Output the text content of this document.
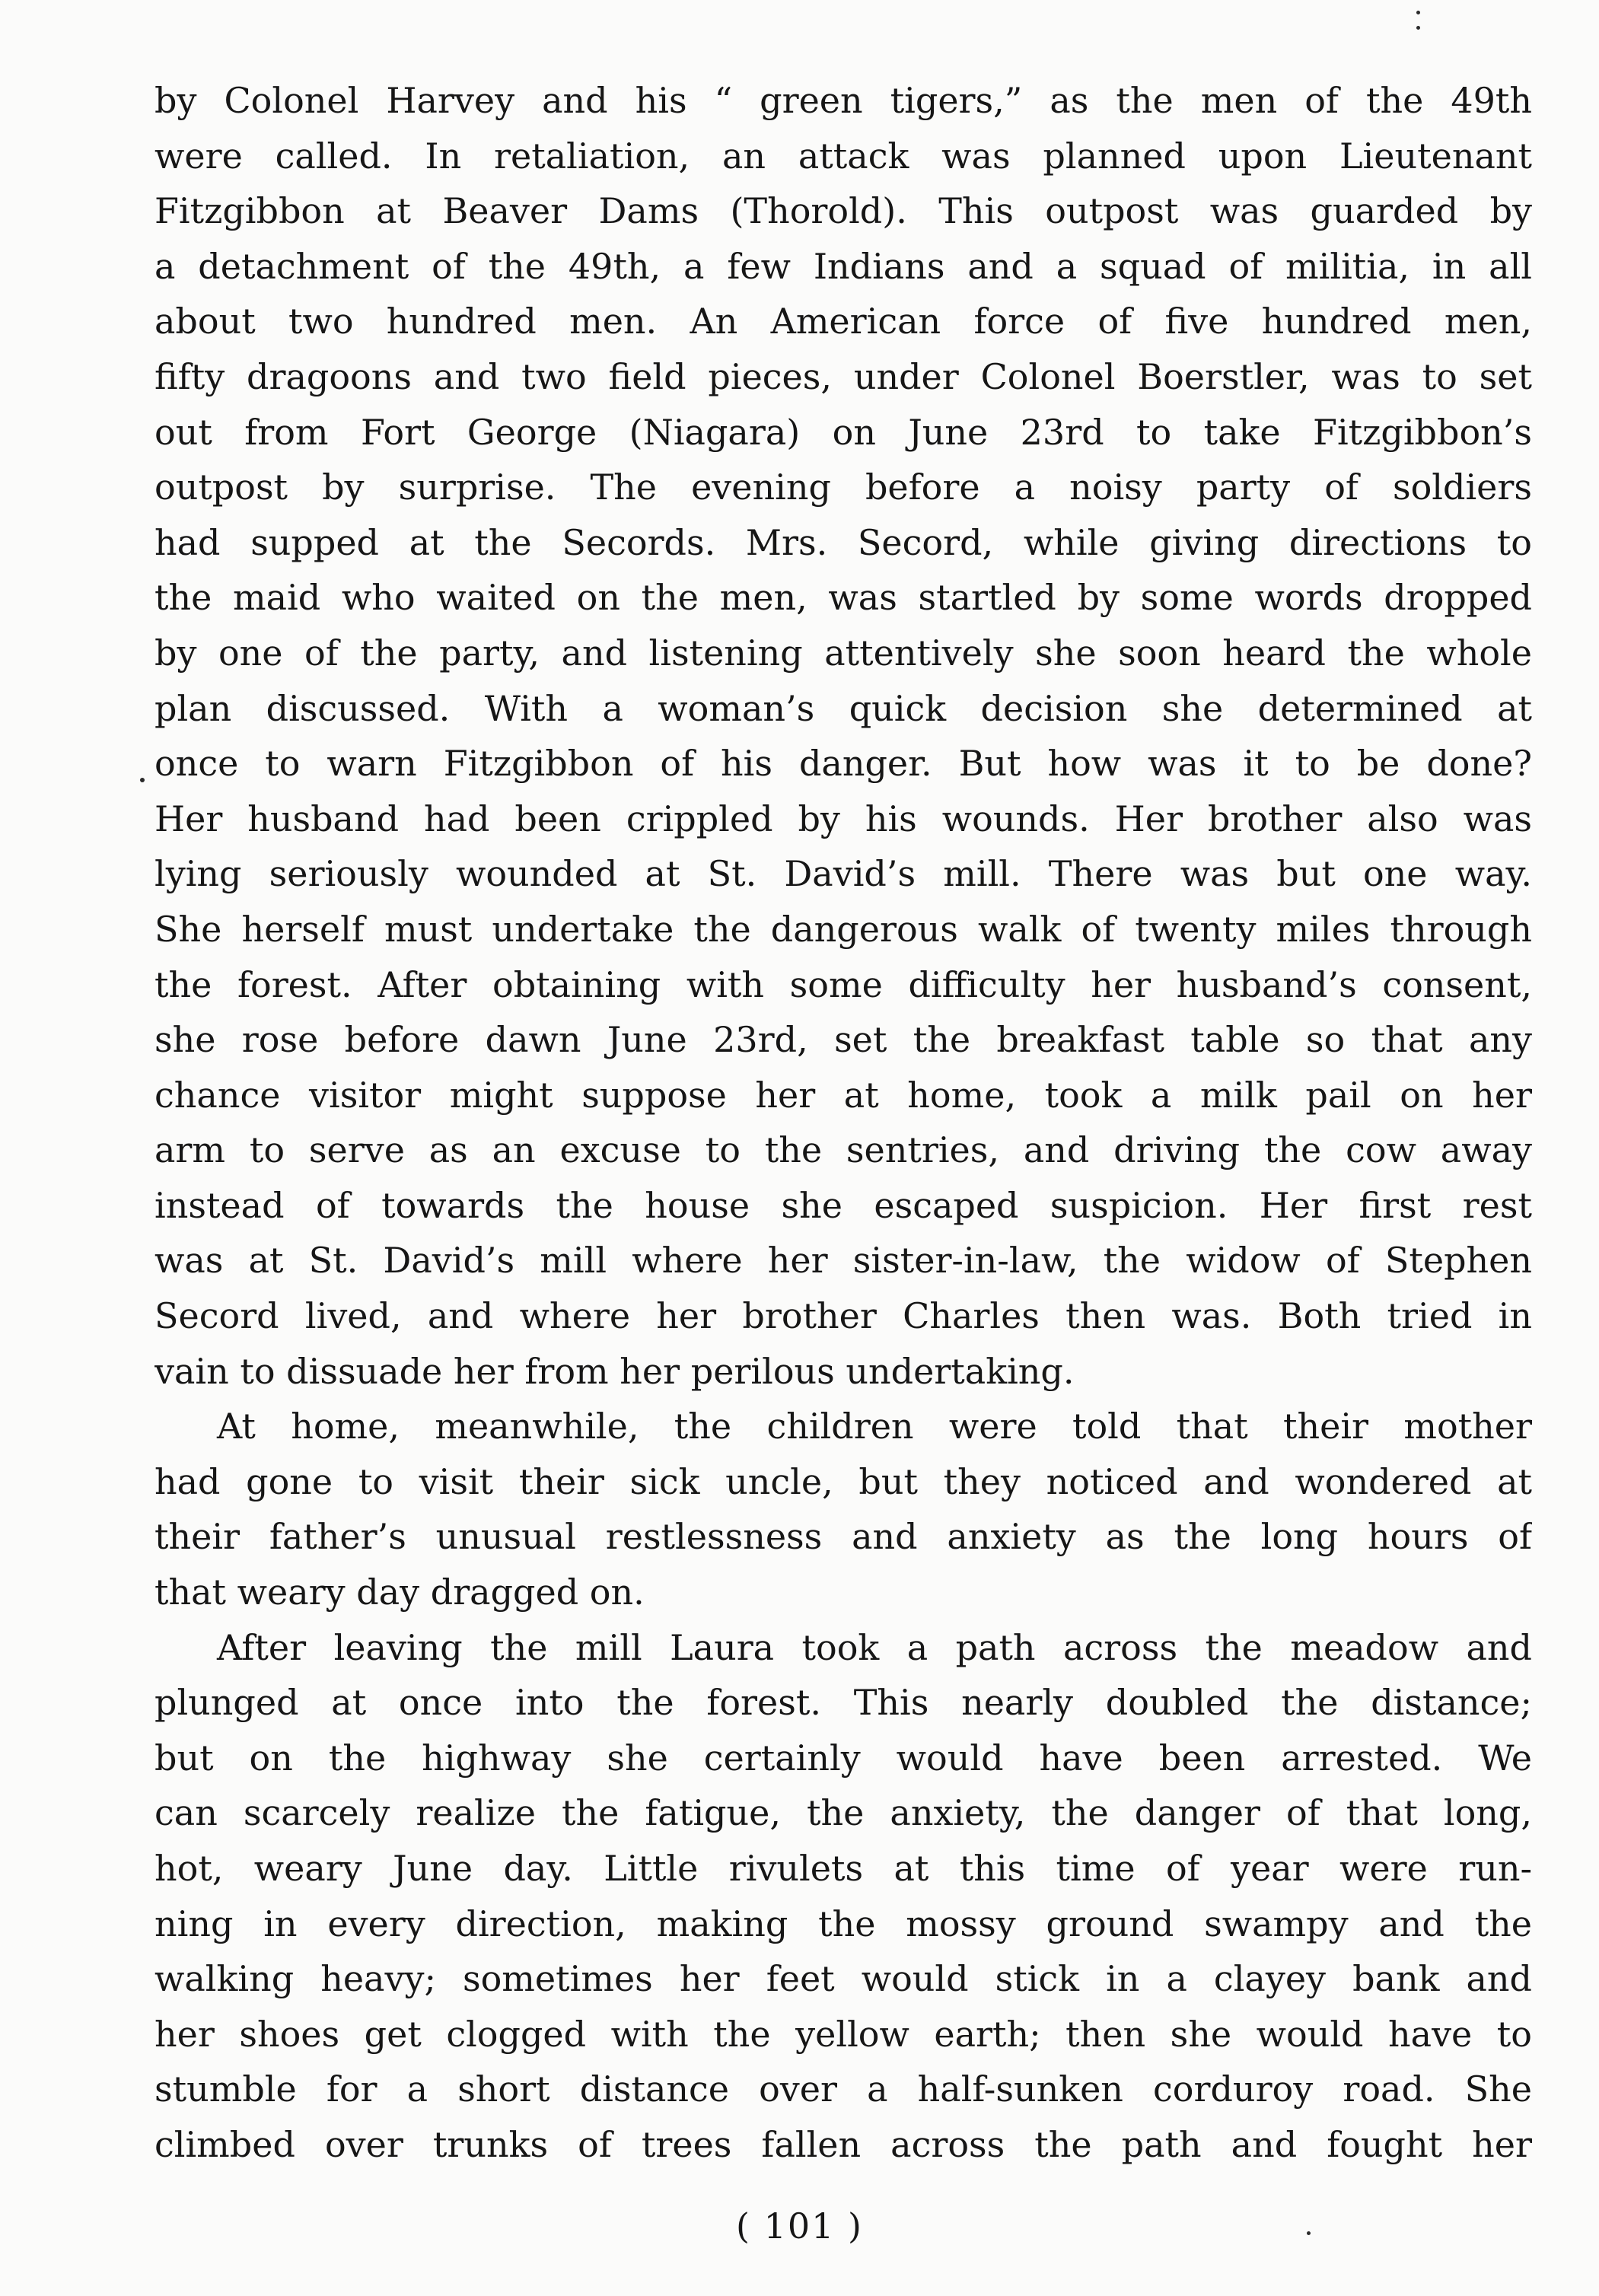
by Colonel Harvey and his “ green tigers,” as the men of the 49th
were called. In retaliation, an attack was planned upon Lieutenant
Fitzgibbon at Beaver Dams (Thorold). This outpost was guarded by
a detachment of the 49th, a few Indians and a squad of militia, in all
about two hundred men. An American force of five hundred men,
fifty dragoons and two field pieces, under Colonel Boerstler, was to set
out from Fort George (Niagara) on June 23rd to take Fitzgibbon’s
outpost by surprise. The evening before a noisy party of soldiers
had supped at the Secords. Mrs. Secord, while giving directions to
the maid who waited on the men, was startled by some words dropped
by one of the party, and listening attentively she soon heard the whole
plan discussed. With a woman’s quick decision she determined at
once to warn Fitzgibbon of his danger. But how was it to be done?
Her husband had been crippled by his wounds. Her brother also was
lying seriously wounded at St. David’s mill. There was but one way.
She herself must undertake the dangerous walk of twenty miles through
the forest. After obtaining with some difficulty her husband’s consent,
she rose before dawn June 23rd, set the breakfast table so that any
chance visitor might suppose her at home, took a milk pail on her
arm to serve as an excuse to the sentries, and driving the cow away
instead of towards the house she escaped suspicion. Her first rest
was at St. David’s mill where her sister-in-law, the widow of Stephen
Secord lived, and where her brother Charles then was. Both tried in
vain to dissuade her from her perilous undertaking.
At home, meanwhile, the children were told that their mother
had gone to visit their sick uncle, but they noticed and wondered at
their father’s unusual restlessness and anxiety as the long hours of
that weary day dragged on.
After leaving the mill Laura took a path across the meadow and
plunged at once into the forest. This nearly doubled the distance;
but on the highway she certainly would have been arrested. We
can scarcely realize the fatigue, the anxiety, the danger of that long,
hot, weary June day. Little rivulets at this time of year were run-
ning in every direction, making the mossy ground swampy and the
walking heavy; sometimes her feet would stick in a clayey bank and
her shoes get clogged with the yellow earth; then she would have to
stumble for a short distance over a half-sunken corduroy road. She
climbed over trunks of trees fallen across the path and fought her
( 101 )
